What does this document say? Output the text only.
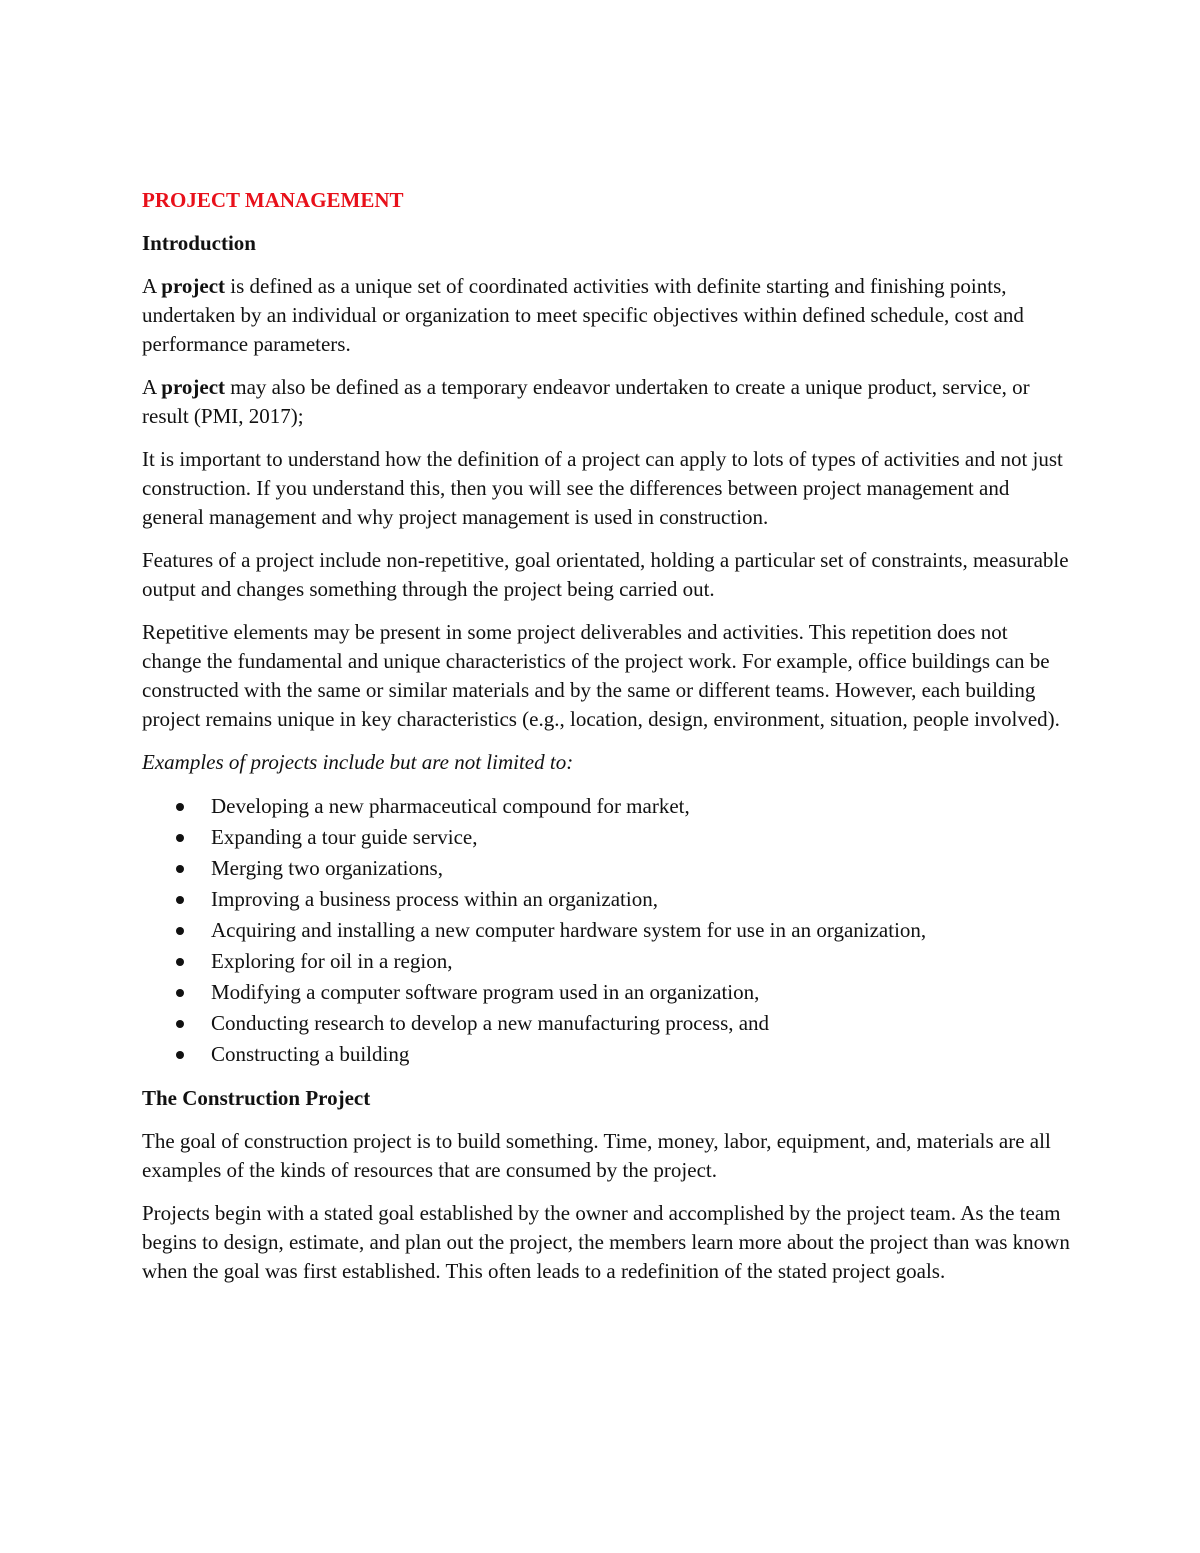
PROJECT MANAGEMENT
Introduction

A project is defined as a unique set of coordinated activities with definite starting and finishing points, undertaken by an individual or organization to meet specific objectives within defined schedule, cost and performance parameters.

A project may also be defined as a temporary endeavor undertaken to create a unique product, service, or result (PMI, 2017);

It is important to understand how the definition of a project can apply to lots of types of activities and not just construction. If you understand this, then you will see the differences between project management and general management and why project management is used in construction.

Features of a project include non-repetitive, goal orientated, holding a particular set of constraints, measurable output and changes something through the project being carried out.

Repetitive elements may be present in some project deliverables and activities. This repetition does not change the fundamental and unique characteristics of the project work. For example, office buildings can be constructed with the same or similar materials and by the same or different teams. However, each building project remains unique in key characteristics (e.g., location, design, environment, situation, people involved).

Examples of projects include but are not limited to:

Developing a new pharmaceutical compound for market,
Expanding a tour guide service,
Merging two organizations,
Improving a business process within an organization,
Acquiring and installing a new computer hardware system for use in an organization,
Exploring for oil in a region,
Modifying a computer software program used in an organization,
Conducting research to develop a new manufacturing process, and
Constructing a building
The Construction Project

The goal of construction project is to build something. Time, money, labor, equipment, and, materials are all examples of the kinds of resources that are consumed by the project.

Projects begin with a stated goal established by the owner and accomplished by the project team. As the team begins to design, estimate, and plan out the project, the members learn more about the project than was known when the goal was first established. This often leads to a redefinition of the stated project goals.
